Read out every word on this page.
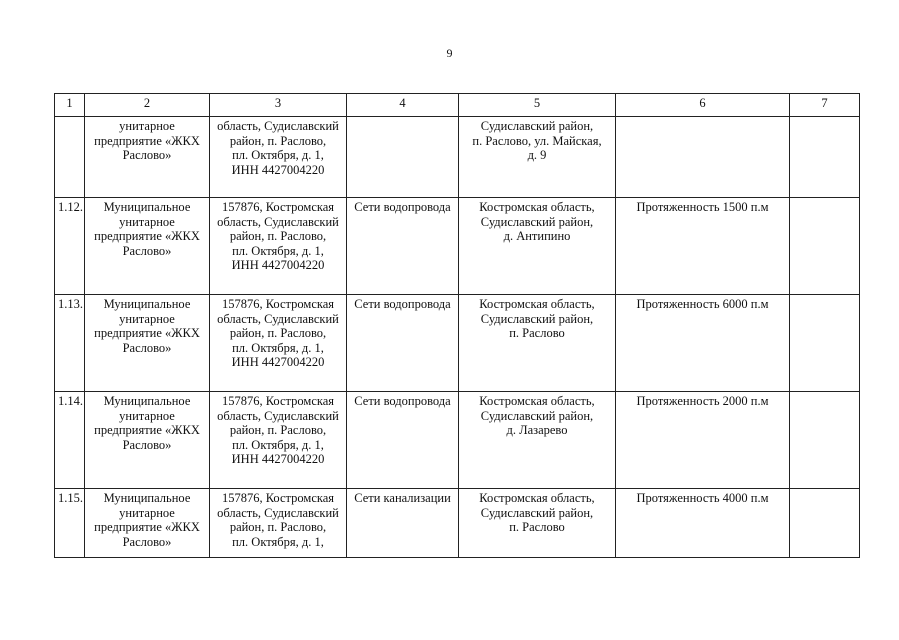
9
1	2	3	4	5	6	7

	унитарное
предприятие «ЖКХ
Раслово»	область, Судиславский
район, п. Раслово,
пл. Октября, д. 1,
ИНН 4427004220		Судиславский район,
п. Раслово, ул. Майская,
д. 9		

1.12.	Муниципальное
унитарное
предприятие «ЖКХ
Раслово»	157876, Костромская
область, Судиславский
район, п. Раслово,
пл. Октября, д. 1,
ИНН 4427004220	Сети водопровода	Костромская область,
Судиславский район,
д. Антипино	Протяженность 1500 п.м	

1.13.	Муниципальное
унитарное
предприятие «ЖКХ
Раслово»	157876, Костромская
область, Судиславский
район, п. Раслово,
пл. Октября, д. 1,
ИНН 4427004220	Сети водопровода	Костромская область,
Судиславский район,
п. Раслово	Протяженность 6000 п.м	

1.14.	Муниципальное
унитарное
предприятие «ЖКХ
Раслово»	157876, Костромская
область, Судиславский
район, п. Раслово,
пл. Октября, д. 1,
ИНН 4427004220	Сети водопровода	Костромская область,
Судиславский район,
д. Лазарево	Протяженность 2000 п.м	

1.15.	Муниципальное
унитарное
предприятие «ЖКХ
Раслово»	157876, Костромская
область, Судиславский
район, п. Раслово,
пл. Октября, д. 1,	Сети канализации	Костромская область,
Судиславский район,
п. Раслово	Протяженность 4000 п.м	
